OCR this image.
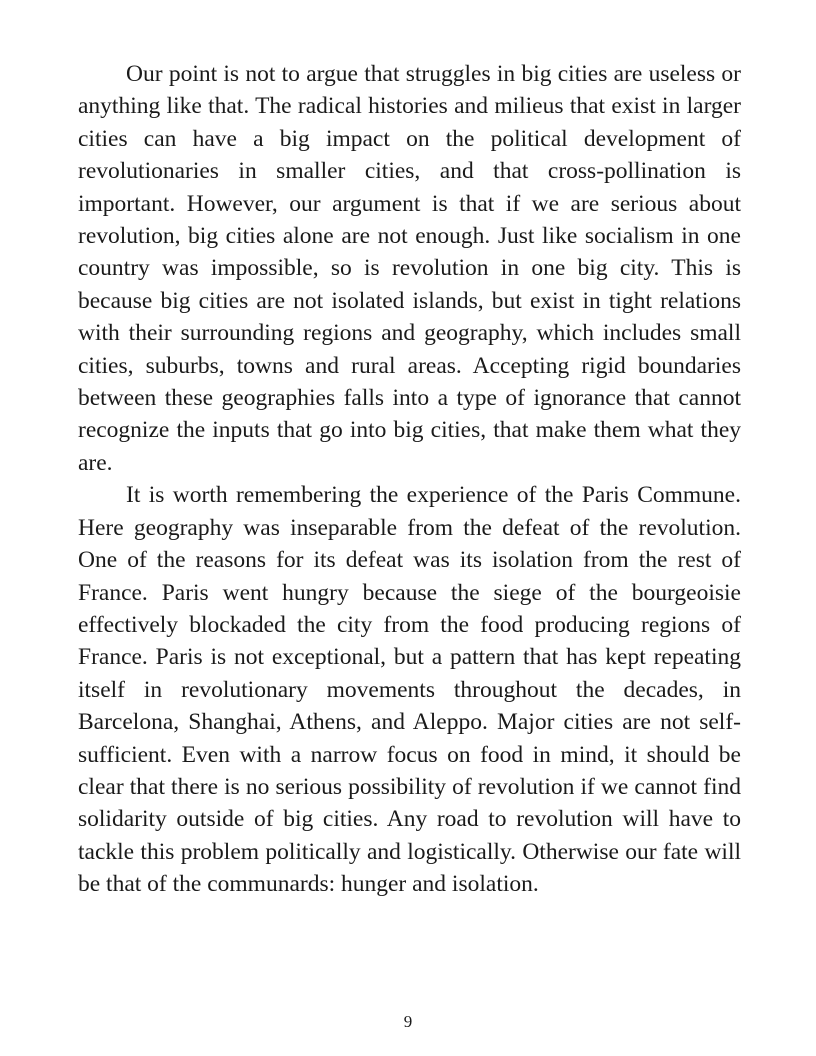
Our point is not to argue that struggles in big cities are useless or anything like that. The radical histories and milieus that exist in larger cities can have a big impact on the political development of revolutionaries in smaller cities, and that cross-pollination is important. However, our argument is that if we are serious about revolution, big cities alone are not enough. Just like socialism in one country was impossible, so is revolution in one big city. This is because big cities are not isolated islands, but exist in tight relations with their surrounding regions and geography, which includes small cities, suburbs, towns and rural areas. Accepting rigid boundaries between these geographies falls into a type of ignorance that cannot recognize the inputs that go into big cities, that make them what they are.

It is worth remembering the experience of the Paris Commune. Here geography was inseparable from the defeat of the revolution. One of the reasons for its defeat was its isolation from the rest of France. Paris went hungry because the siege of the bourgeoisie effectively blockaded the city from the food producing regions of France. Paris is not exceptional, but a pattern that has kept repeating itself in revolutionary movements throughout the decades, in Barcelona, Shanghai, Athens, and Aleppo. Major cities are not self-sufficient. Even with a narrow focus on food in mind, it should be clear that there is no serious possibility of revolution if we cannot find solidarity outside of big cities. Any road to revolution will have to tackle this problem politically and logistically. Otherwise our fate will be that of the communards: hunger and isolation.

9
